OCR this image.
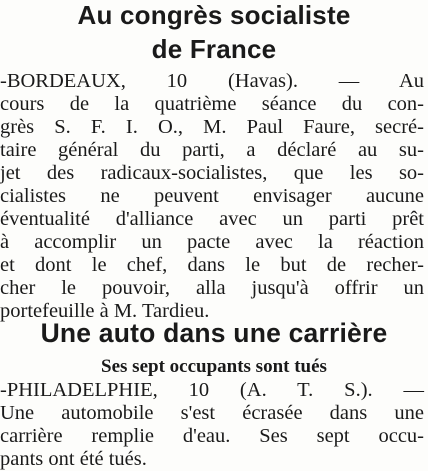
Au congrès socialiste
de France

-BORDEAUX, 10 (Havas). — Au

cours de la quatrième séance du con-

grès S. F. I. O., M. Paul Faure, secré-

taire général du parti, a déclaré au su-

jet des radicaux-socialistes, que les so-

cialistes ne peuvent envisager aucune

éventualité d'alliance avec un parti prêt

à accomplir un pacte avec la réaction

et dont le chef, dans le but de recher-

cher le pouvoir, alla jusqu'à offrir un

portefeuille à M. Tardieu.

Une auto dans une carrière
Ses sept occupants sont tués

-PHILADELPHIE, 10 (A. T. S.). —

Une automobile s'est écrasée dans une

carrière remplie d'eau. Ses sept occu-

pants ont été tués.
